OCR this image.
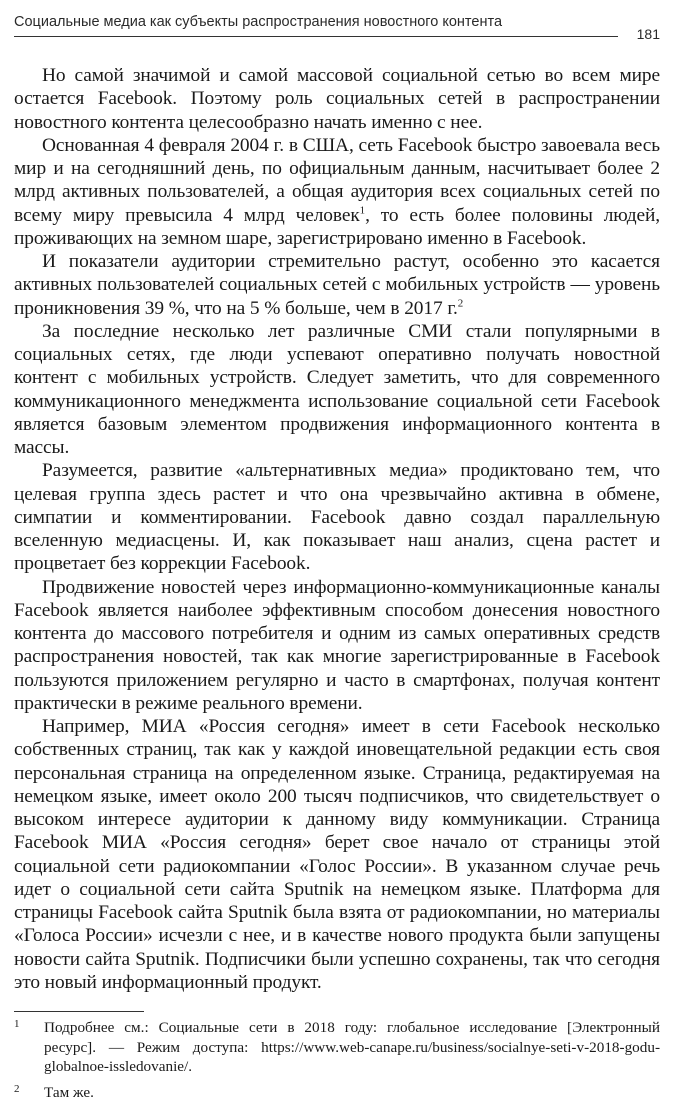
Социальные медиа как субъекты распространения новостного контента
181

Но самой значимой и самой массовой социальной сетью во всем мире остается Facebook. Поэтому роль социальных сетей в распространении новостного контента целесообразно начать именно с нее.

Основанная 4 февраля 2004 г. в США, сеть Facebook быстро завоевала весь мир и на сегодняшний день, по официальным данным, насчитывает более 2 млрд активных пользователей, а общая аудитория всех социальных сетей по всему миру превысила 4 млрд человек$^1$, то есть более половины людей, проживающих на земном шаре, зарегистрировано именно в Facebook.

И показатели аудитории стремительно растут, особенно это касается активных пользователей социальных сетей с мобильных устройств — уровень проникновения 39 %, что на 5 % больше, чем в 2017 г.$^2$

За последние несколько лет различные СМИ стали популярными в социальных сетях, где люди успевают оперативно получать новостной контент с мобильных устройств. Следует заметить, что для современного коммуникационного менеджмента использование социальной сети Facebook является базовым элементом продвижения информационного контента в массы.

Разумеется, развитие «альтернативных медиа» продиктовано тем, что целевая группа здесь растет и что она чрезвычайно активна в обмене, симпатии и комментировании. Facebook давно создал параллельную вселенную медиасцены. И, как показывает наш анализ, сцена растет и процветает без коррекции Facebook.

Продвижение новостей через информационно-коммуникационные каналы Facebook является наиболее эффективным способом донесения новостного контента до массового потребителя и одним из самых оперативных средств распространения новостей, так как многие зарегистрированные в Facebook пользуются приложением регулярно и часто в смартфонах, получая контент практически в режиме реального времени.

Например, МИА «Россия сегодня» имеет в сети Facebook несколько собственных страниц, так как у каждой иновещательной редакции есть своя персональная страница на определенном языке. Страница, редактируемая на немецком языке, имеет около 200 тысяч подписчиков, что свидетельствует о высоком интересе аудитории к данному виду коммуникации. Страница Facebook МИА «Россия сегодня» берет свое начало от страницы этой социальной сети радиокомпании «Голос России». В указанном случае речь идет о социальной сети сайта Sputnik на немецком языке. Платформа для страницы Facebook сайта Sputnik была взята от радиокомпании, но материалы «Голоса России» исчезли с нее, и в качестве нового продукта были запущены новости сайта Sputnik. Подписчики были успешно сохранены, так что сегодня это новый информационный продукт.

1 Подробнее см.: Социальные сети в 2018 году: глобальное исследование [Электронный ресурс]. — Режим доступа: https://www.web-canape.ru/business/socialnye-seti-v-2018-godu-globalnoe-issledovanie/.

2 Там же.
